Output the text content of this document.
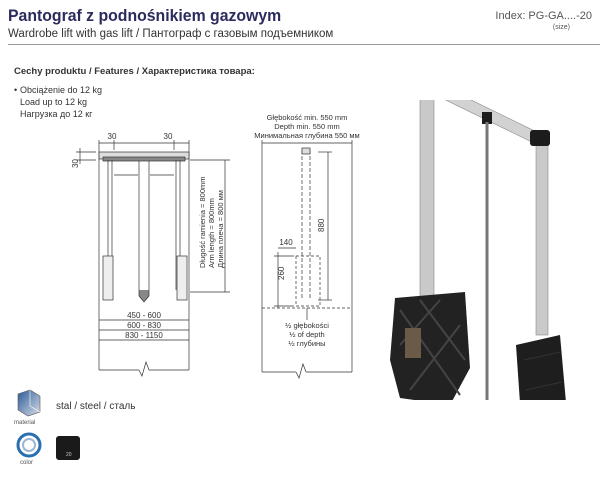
Pantograf z podnośnikiem gazowym
Wardrobe lift with gas lift / Пантограф с газовым подъемником
Index: PG-GA....-20
(size)
Cechy produktu / Features / Характеристика товара:
• Obciążenie do 12 kg
Load up to 12 kg
Нагрузка до 12 кг
30	30
30
Długość ramienia = 800mm Arm length = 800mm Длина плеча = 800 мм
450 - 600
600 - 830
830 - 1150
Głębokość min. 550 mm
Depth min. 550 mm
Минимальная глубина 550 мм
880
140
260
½ głębokości
½ of depth
½ глубины
material
stal / steel / сталь
color
20
